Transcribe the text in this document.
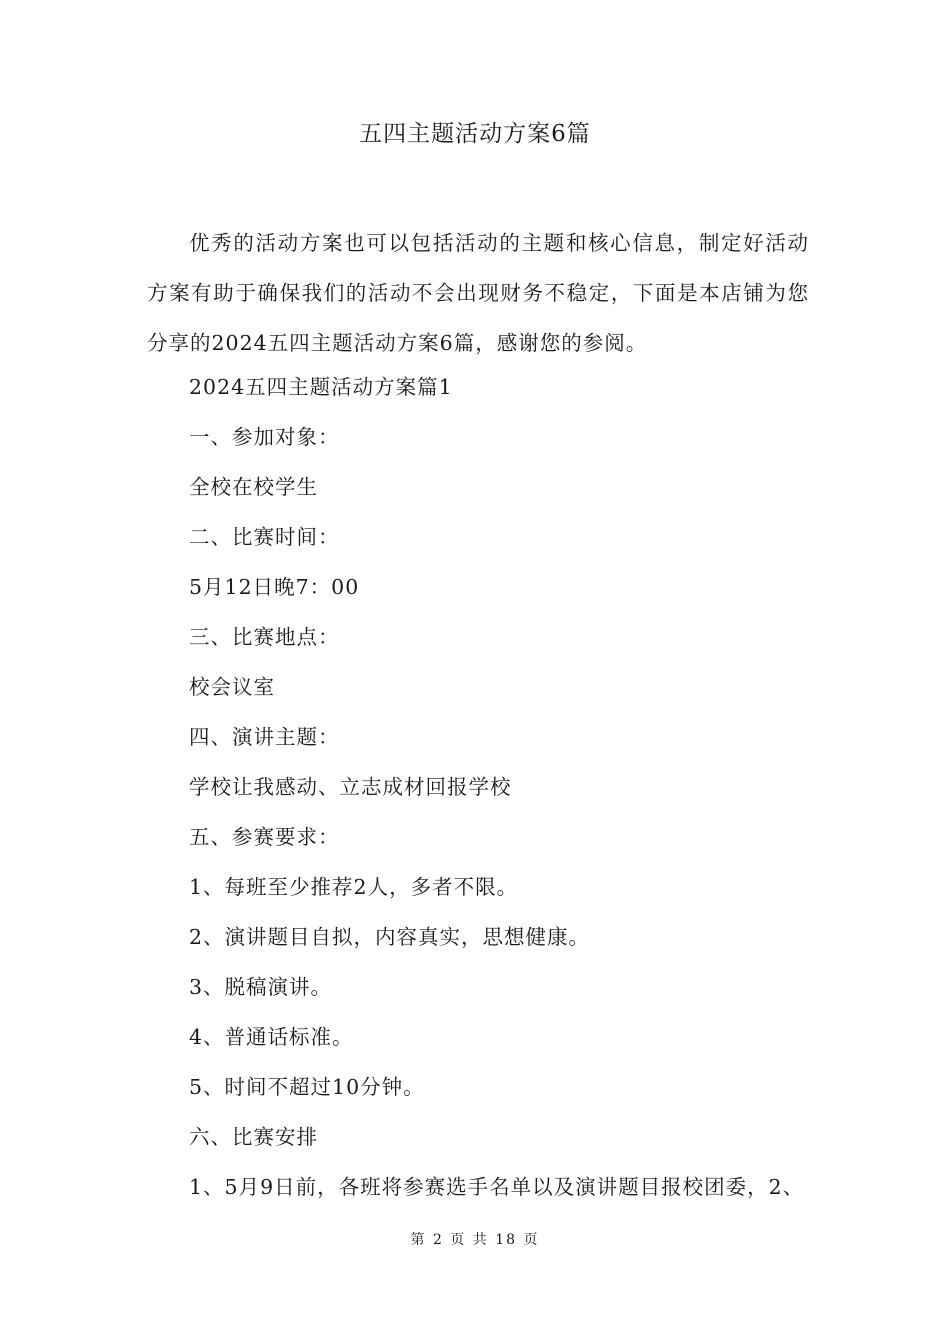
五四主题活动方案6篇

优秀的活动方案也可以包括活动的主题和核心信息，制定好活动方案有助于确保我们的活动不会出现财务不稳定，下面是本店铺为您分享的2024五四主题活动方案6篇，感谢您的参阅。

2024五四主题活动方案篇1
一、参加对象：
全校在校学生
二、比赛时间：
5月12日晚7：00
三、比赛地点：
校会议室
四、演讲主题：
学校让我感动、立志成材回报学校
五、参赛要求：
1、每班至少推荐2人，多者不限。
2、演讲题目自拟，内容真实，思想健康。
3、脱稿演讲。
4、普通话标准。
5、时间不超过10分钟。
六、比赛安排
1、5月9日前，各班将参赛选手名单以及演讲题目报校团委，2、
第 2 页 共 18 页
